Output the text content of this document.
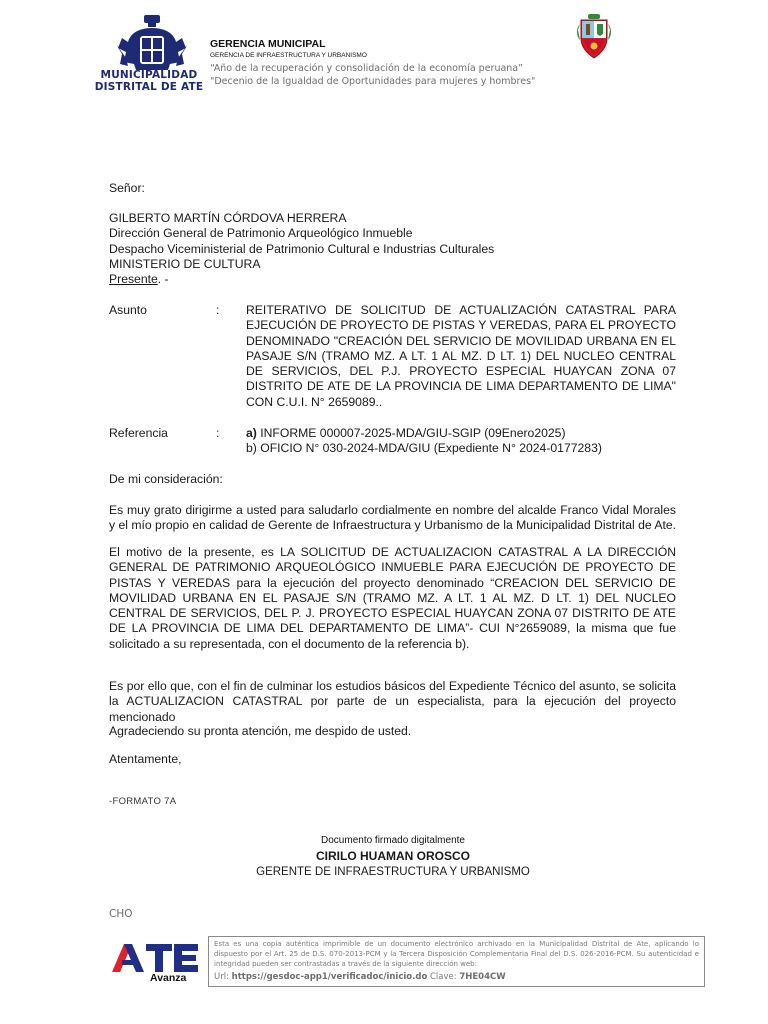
MUNICIPALIDAD DISTRITAL DE ATE
GERENCIA MUNICIPAL
GERENCIA DE INFRAESTRUCTURA Y URBANISMO
“Año de la recuperación y consolidación de la economía peruana”
"Decenio de la Igualdad de Oportunidades para mujeres y hombres"
Señor:
GILBERTO MARTÍN CÓRDOVA HERRERA
Dirección General de Patrimonio Arqueológico Inmueble
Despacho Viceministerial de Patrimonio Cultural e Industrias Culturales
MINISTERIO DE CULTURA
Presente. -
Asunto	: REITERATIVO DE SOLICITUD DE ACTUALIZACIÓN CATASTRAL PARA EJECUCIÓN DE PROYECTO DE PISTAS Y VEREDAS, PARA EL PROYECTO DENOMINADO "CREACIÓN DEL SERVICIO DE MOVILIDAD URBANA EN EL PASAJE S/N (TRAMO MZ. A LT. 1 AL MZ. D LT. 1) DEL NUCLEO CENTRAL DE SERVICIOS, DEL P.J. PROYECTO ESPECIAL HUAYCAN ZONA 07 DISTRITO DE ATE DE LA PROVINCIA DE LIMA DEPARTAMENTO DE LIMA" CON C.U.I. N° 2659089..
Referencia	: a) INFORME 000007-2025-MDA/GIU-SGIP (09Enero2025)
b) OFICIO N° 030-2024-MDA/GIU (Expediente N° 2024-0177283)
De mi consideración:
Es muy grato dirigirme a usted para saludarlo cordialmente en nombre del alcalde Franco Vidal Morales y el mío propio en calidad de Gerente de Infraestructura y Urbanismo de la Municipalidad Distrital de Ate.
El motivo de la presente, es LA SOLICITUD DE ACTUALIZACION CATASTRAL A LA DIRECCIÓN GENERAL DE PATRIMONIO ARQUEOLÓGICO INMUEBLE PARA EJECUCIÓN DE PROYECTO DE PISTAS Y VEREDAS para la ejecución del proyecto denominado “CREACION DEL SERVICIO DE MOVILIDAD URBANA EN EL PASAJE S/N (TRAMO MZ. A LT. 1 AL MZ. D LT. 1) DEL NUCLEO CENTRAL DE SERVICIOS, DEL P. J. PROYECTO ESPECIAL HUAYCAN ZONA 07 DISTRITO DE ATE DE LA PROVINCIA DE LIMA DEL DEPARTAMENTO DE LIMA”- CUI N°2659089, la misma que fue solicitado a su representada, con el documento de la referencia b).
Es por ello que, con el fin de culminar los estudios básicos del Expediente Técnico del asunto, se solicita la ACTUALIZACION CATASTRAL por parte de un especialista, para la ejecución del proyecto mencionado
Agradeciendo su pronta atención, me despido de usted.
Atentamente,
-FORMATO 7A
Documento firmado digitalmente
CIRILO HUAMAN OROSCO
GERENTE DE INFRAESTRUCTURA Y URBANISMO
CHO
Avanza
Esta es una copia auténtica imprimible de un documento electrónico archivado en la Municipalidad Distrital de Ate, aplicando lo dispuesto por el Art. 25 de D.S. 070-2013-PCM y la Tercera Disposición Complementaria Final del D.S. 026-2016-PCM. Su autenticidad e integridad pueden ser contrastadas a través de la siguiente dirección web:
Url: https://gesdoc-app1/verificadoc/inicio.do Clave: 7HE04CW
